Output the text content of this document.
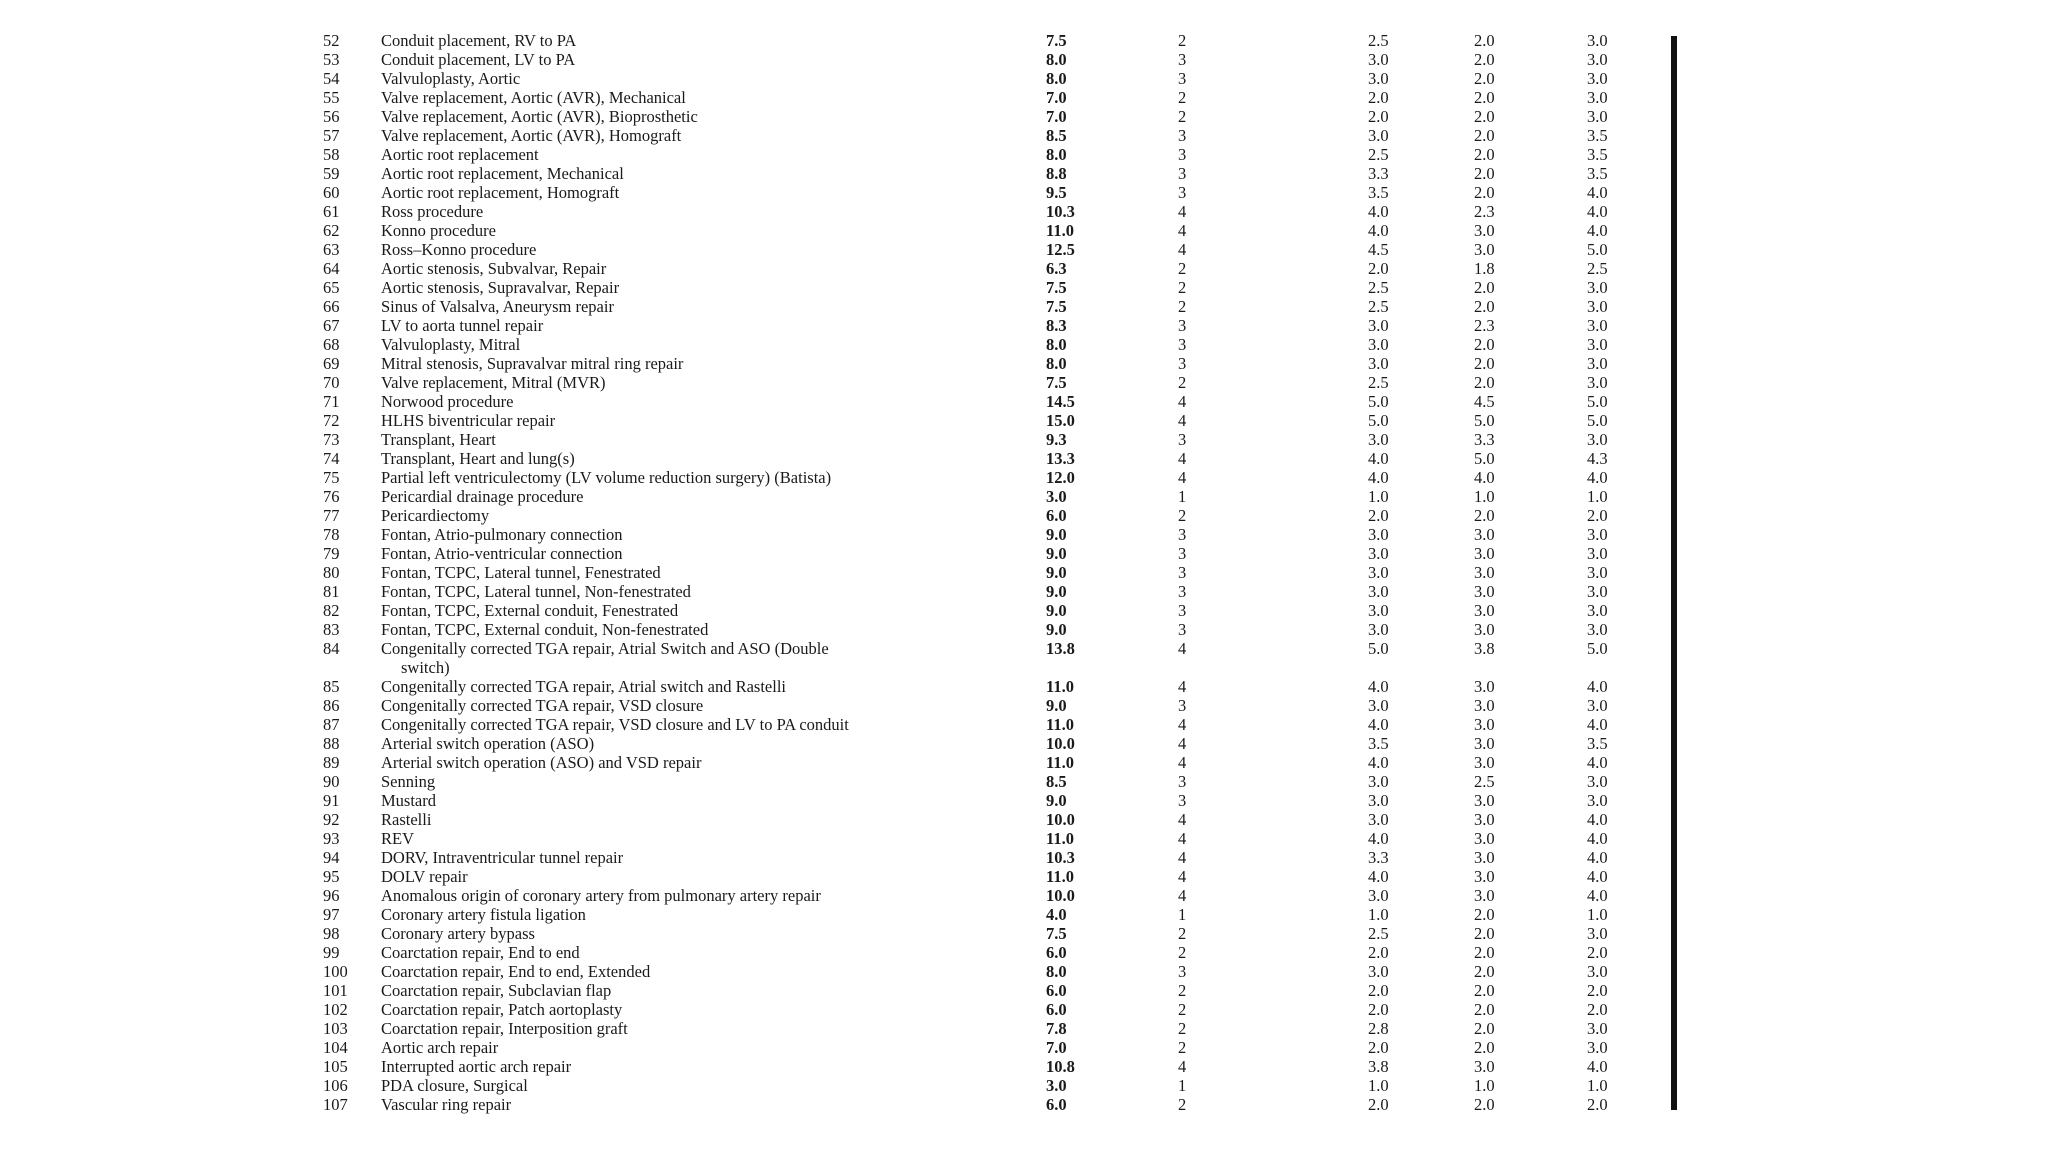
52	Conduit placement, RV to PA	7.5	2	2.5	2.0	3.0
53	Conduit placement, LV to PA	8.0	3	3.0	2.0	3.0
54	Valvuloplasty, Aortic	8.0	3	3.0	2.0	3.0
55	Valve replacement, Aortic (AVR), Mechanical	7.0	2	2.0	2.0	3.0
56	Valve replacement, Aortic (AVR), Bioprosthetic	7.0	2	2.0	2.0	3.0
57	Valve replacement, Aortic (AVR), Homograft	8.5	3	3.0	2.0	3.5
58	Aortic root replacement	8.0	3	2.5	2.0	3.5
59	Aortic root replacement, Mechanical	8.8	3	3.3	2.0	3.5
60	Aortic root replacement, Homograft	9.5	3	3.5	2.0	4.0
61	Ross procedure	10.3	4	4.0	2.3	4.0
62	Konno procedure	11.0	4	4.0	3.0	4.0
63	Ross–Konno procedure	12.5	4	4.5	3.0	5.0
64	Aortic stenosis, Subvalvar, Repair	6.3	2	2.0	1.8	2.5
65	Aortic stenosis, Supravalvar, Repair	7.5	2	2.5	2.0	3.0
66	Sinus of Valsalva, Aneurysm repair	7.5	2	2.5	2.0	3.0
67	LV to aorta tunnel repair	8.3	3	3.0	2.3	3.0
68	Valvuloplasty, Mitral	8.0	3	3.0	2.0	3.0
69	Mitral stenosis, Supravalvar mitral ring repair	8.0	3	3.0	2.0	3.0
70	Valve replacement, Mitral (MVR)	7.5	2	2.5	2.0	3.0
71	Norwood procedure	14.5	4	5.0	4.5	5.0
72	HLHS biventricular repair	15.0	4	5.0	5.0	5.0
73	Transplant, Heart	9.3	3	3.0	3.3	3.0
74	Transplant, Heart and lung(s)	13.3	4	4.0	5.0	4.3
75	Partial left ventriculectomy (LV volume reduction surgery) (Batista)	12.0	4	4.0	4.0	4.0
76	Pericardial drainage procedure	3.0	1	1.0	1.0	1.0
77	Pericardiectomy	6.0	2	2.0	2.0	2.0
78	Fontan, Atrio-pulmonary connection	9.0	3	3.0	3.0	3.0
79	Fontan, Atrio-ventricular connection	9.0	3	3.0	3.0	3.0
80	Fontan, TCPC, Lateral tunnel, Fenestrated	9.0	3	3.0	3.0	3.0
81	Fontan, TCPC, Lateral tunnel, Non-fenestrated	9.0	3	3.0	3.0	3.0
82	Fontan, TCPC, External conduit, Fenestrated	9.0	3	3.0	3.0	3.0
83	Fontan, TCPC, External conduit, Non-fenestrated	9.0	3	3.0	3.0	3.0
84	Congenitally corrected TGA repair, Atrial Switch and ASO (Double	13.8	4	5.0	3.8	5.0
switch)
85	Congenitally corrected TGA repair, Atrial switch and Rastelli	11.0	4	4.0	3.0	4.0
86	Congenitally corrected TGA repair, VSD closure	9.0	3	3.0	3.0	3.0
87	Congenitally corrected TGA repair, VSD closure and LV to PA conduit	11.0	4	4.0	3.0	4.0
88	Arterial switch operation (ASO)	10.0	4	3.5	3.0	3.5
89	Arterial switch operation (ASO) and VSD repair	11.0	4	4.0	3.0	4.0
90	Senning	8.5	3	3.0	2.5	3.0
91	Mustard	9.0	3	3.0	3.0	3.0
92	Rastelli	10.0	4	3.0	3.0	4.0
93	REV	11.0	4	4.0	3.0	4.0
94	DORV, Intraventricular tunnel repair	10.3	4	3.3	3.0	4.0
95	DOLV repair	11.0	4	4.0	3.0	4.0
96	Anomalous origin of coronary artery from pulmonary artery repair	10.0	4	3.0	3.0	4.0
97	Coronary artery fistula ligation	4.0	1	1.0	2.0	1.0
98	Coronary artery bypass	7.5	2	2.5	2.0	3.0
99	Coarctation repair, End to end	6.0	2	2.0	2.0	2.0
100 Coarctation repair, End to end, Extended	8.0	3	3.0	2.0	3.0
101 Coarctation repair, Subclavian flap	6.0	2	2.0	2.0	2.0
102 Coarctation repair, Patch aortoplasty	6.0	2	2.0	2.0	2.0
103 Coarctation repair, Interposition graft	7.8	2	2.8	2.0	3.0
104 Aortic arch repair	7.0	2	2.0	2.0	3.0
105 Interrupted aortic arch repair	10.8	4	3.8	3.0	4.0
106 PDA closure, Surgical	3.0	1	1.0	1.0	1.0
107 Vascular ring repair	6.0	2	2.0	2.0	2.0
